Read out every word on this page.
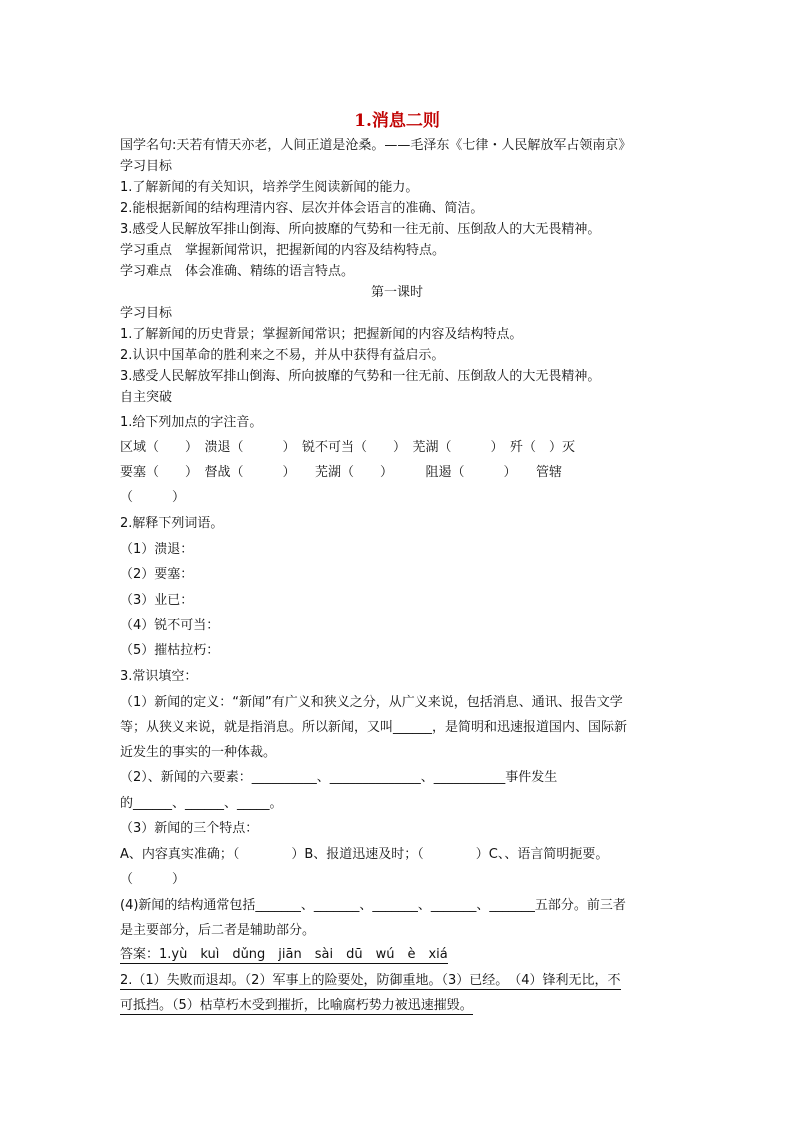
1.消息二则
国学名句:天若有情天亦老，人间正道是沧桑。——毛泽东《七律・人民解放军占领南京》
学习目标
1.了解新闻的有关知识，培养学生阅读新闻的能力。
2.能根据新闻的结构理清内容、层次并体会语言的准确、简洁。
3.感受人民解放军排山倒海、所向披靡的气势和一往无前、压倒敌人的大无畏精神。
学习重点　掌握新闻常识，把握新闻的内容及结构特点。
学习难点　体会准确、精练的语言特点。
第一课时
学习目标
1.了解新闻的历史背景；掌握新闻常识；把握新闻的内容及结构特点。
2.认识中国革命的胜利来之不易，并从中获得有益启示。
3.感受人民解放军排山倒海、所向披靡的气势和一往无前、压倒敌人的大无畏精神。
自主突破
1.给下列加点的字注音。
区域（　　）　溃退（　　　）　锐不可当（　　）　芜湖（　　　）　歼（　）灭
要塞（　　）　督战（　　　）　　芜湖（　　）　　　阻遏（　　　）　　管辖
（　　　）
2.解释下列词语。
（1）溃退：
（2）要塞：
（3）业已：
（4）锐不可当：
（5）摧枯拉朽：
3.常识填空：
（1）新闻的定义：“新闻”有广义和狭义之分，从广义来说，包括消息、通讯、报告文学
等；从狭义来说，就是指消息。所以新闻，又叫______，是简明和迅速报道国内、国际新
近发生的事实的一种体裁。
（2）、新闻的六要素：__________、______________、___________事件发生
的______、______、_____。
（3）新闻的三个特点：
A、内容真实准确；（　　　　）B、报道迅速及时；（　　　　）C、、语言简明扼要。
（　　　）
(4)新闻的结构通常包括_______、_______、_______、_______、_______五部分。前三者
是主要部分，后二者是辅助部分。
答案：1.yù　kuì　dǔng　jiān　sài　dū　wú　è　xiá
2.（1）失败而退却。（2）军事上的险要处，防御重地。（3）已经。　（4）锋利无比，不
可抵挡。（5）枯草朽木受到摧折，比喻腐朽势力被迅速摧毁。
